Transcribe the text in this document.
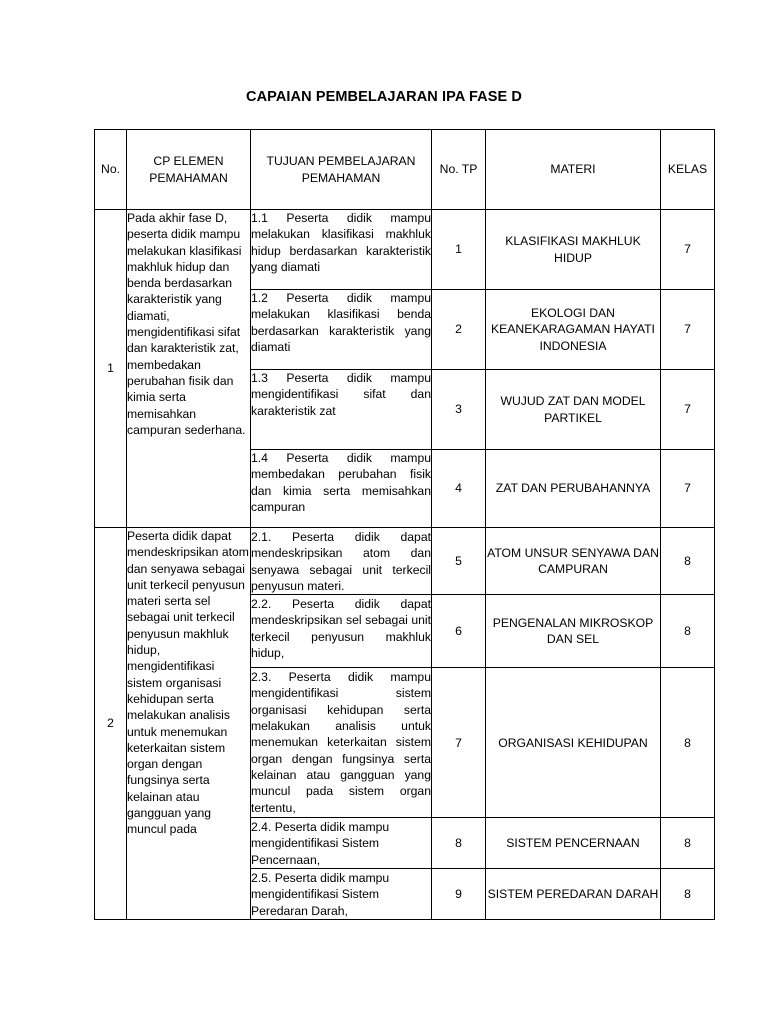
CAPAIAN PEMBELAJARAN IPA FASE D
No.	CP ELEMEN PEMAHAMAN	TUJUAN PEMBELAJARAN PEMAHAMAN	No. TP	MATERI	KELAS
1	Pada akhir fase D, peserta didik mampu melakukan klasifikasi makhluk hidup dan benda berdasarkan karakteristik yang diamati, mengidentifikasi sifat dan karakteristik zat, membedakan perubahan fisik dan kimia serta memisahkan campuran sederhana.	1.1 Peserta didik mampu melakukan klasifikasi makhluk hidup berdasarkan karakteristik yang diamati	1	KLASIFIKASI MAKHLUK HIDUP	7
		1.2 Peserta didik mampu melakukan klasifikasi benda berdasarkan karakteristik yang diamati	2	EKOLOGI DAN KEANEKARAGAMAN HAYATI INDONESIA	7
		1.3 Peserta didik mampu mengidentifikasi sifat dan karakteristik zat	3	WUJUD ZAT DAN MODEL PARTIKEL	7
		1.4 Peserta didik mampu membedakan perubahan fisik dan kimia serta memisahkan campuran	4	ZAT DAN PERUBAHANNYA	7
2	Peserta didik dapat mendeskripsikan atom dan senyawa sebagai unit terkecil penyusun materi serta sel sebagai unit terkecil penyusun makhluk hidup, mengidentifikasi sistem organisasi kehidupan serta melakukan analisis untuk menemukan keterkaitan sistem organ dengan fungsinya serta kelainan atau gangguan yang muncul pada	2.1. Peserta didik dapat mendeskripsikan atom dan senyawa sebagai unit terkecil penyusun materi.	5	ATOM UNSUR SENYAWA DAN CAMPURAN	8
		2.2. Peserta didik dapat mendeskripsikan sel sebagai unit terkecil penyusun makhluk hidup,	6	PENGENALAN MIKROSKOP DAN SEL	8
		2.3. Peserta didik mampu mengidentifikasi sistem organisasi kehidupan serta melakukan analisis untuk menemukan keterkaitan sistem organ dengan fungsinya serta kelainan atau gangguan yang muncul pada sistem organ tertentu,	7	ORGANISASI KEHIDUPAN	8
		2.4. Peserta didik mampu mengidentifikasi Sistem Pencernaan,	8	SISTEM PENCERNAAN	8
		2.5. Peserta didik mampu mengidentifikasi Sistem Peredaran Darah,	9	SISTEM PEREDARAN DARAH	8
